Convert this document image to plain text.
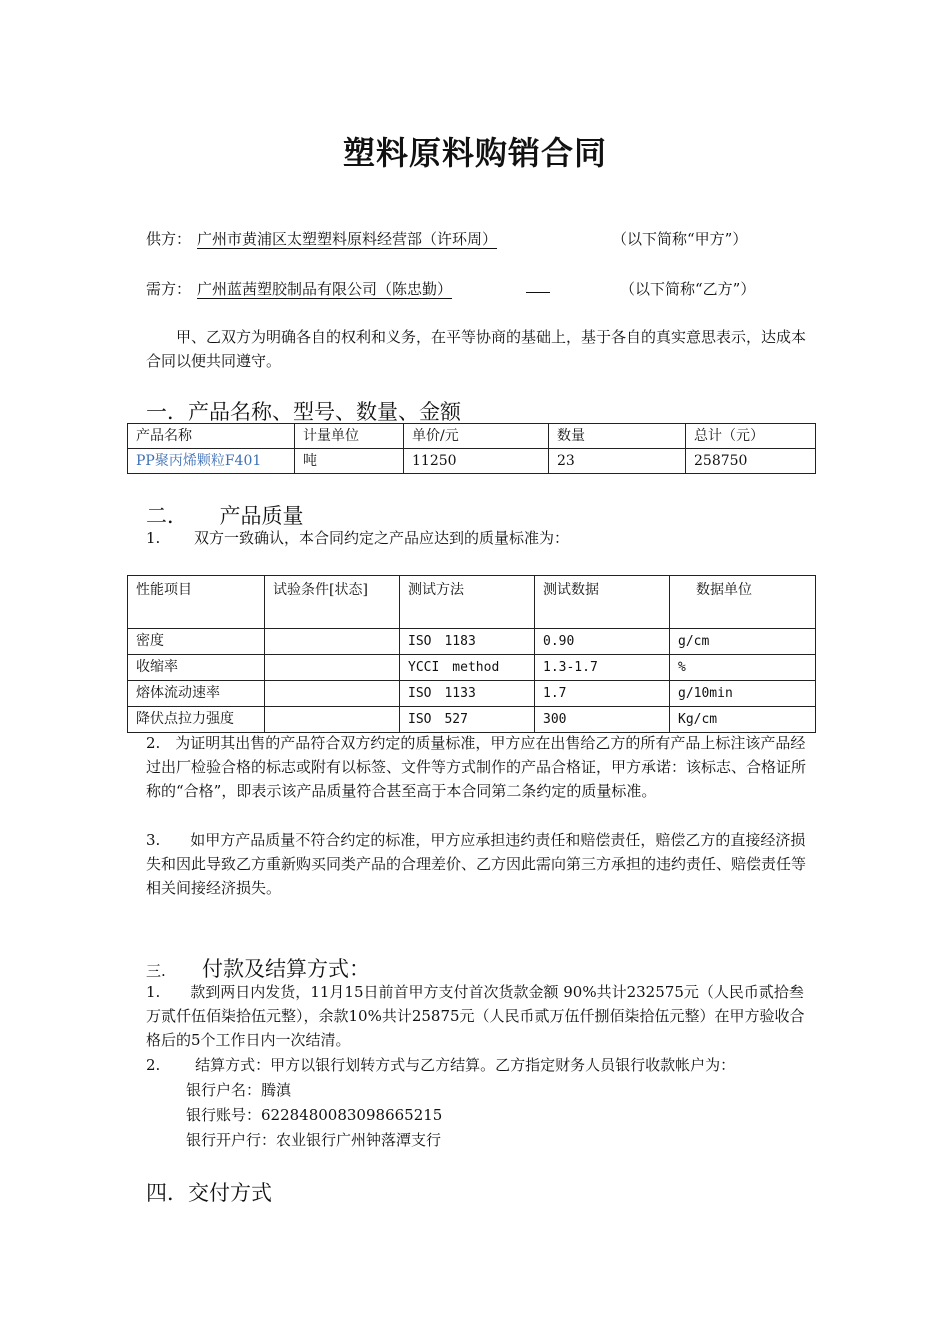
塑料原料购销合同
供方： 广州市黄浦区太塑塑料原料经营部（许环周）	（以下简称“甲方”）
需方： 广州蓝茜塑胶制品有限公司（陈忠勤）	（以下简称“乙方”）
甲、乙双方为明确各自的权利和义务，在平等协商的基础上，基于各自的真实意思表示，达成本合同以便共同遵守。
一．产品名称、型号、数量、金额
产品名称	计量单位	单价/元	数量	总计（元）
PP聚丙烯颗粒F401	吨	11250	23	258750
二．　　产品质量
1. 双方一致确认，本合同约定之产品应达到的质量标准为：
性能项目	试验条件[状态]	测试方法	测试数据	数据单位
密度		ISO　1183	0.90	g/cm
收缩率		YCCI　method	1.3-1.7	%
熔体流动速率		ISO　1133	1.7	g/10min
降伏点拉力强度		ISO　527	300	Kg/cm
2.　为证明其出售的产品符合双方约定的质量标准，甲方应在出售给乙方的所有产品上标注该产品经过出厂检验合格的标志或附有以标签、文件等方式制作的产品合格证，甲方承诺：该标志、合格证所称的“合格”，即表示该产品质量符合甚至高于本合同第二条约定的质量标准。
3.　　如甲方产品质量不符合约定的标准，甲方应承担违约责任和赔偿责任，赔偿乙方的直接经济损失和因此导致乙方重新购买同类产品的合理差价、乙方因此需向第三方承担的违约责任、赔偿责任等相关间接经济损失。
三. 付款及结算方式：
1.　　款到两日内发货，11月15日前首甲方支付首次货款金额 90%共计232575元（人民币贰拾叁万贰仟伍佰柒拾伍元整），余款10%共计25875元（人民币贰万伍仟捌佰柒拾伍元整）在甲方验收合格后的5个工作日内一次结清。
2.　　 结算方式：甲方以银行划转方式与乙方结算。乙方指定财务人员银行收款帐户为：
银行户名：腾滇
银行账号：6228480083098665215
银行开户行：农业银行广州钟落潭支行
四．交付方式
